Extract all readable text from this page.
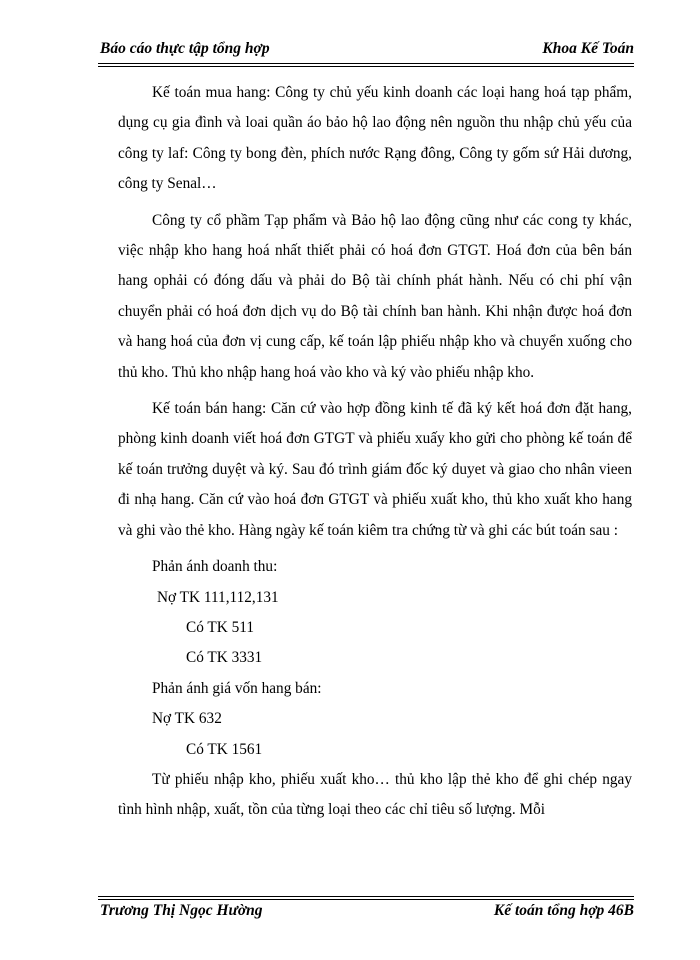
Báo cáo thực tập tổng hợp	Khoa Kế Toán

Kế toán mua hang: Công ty chủ yếu kinh doanh các loại hang hoá tạp phẩm, dụng cụ gia đình và loai quần áo bảo hộ lao động nên nguồn thu nhập chủ yếu của công ty laf: Công ty bong đèn, phích nước Rạng đông, Công ty gốm sứ Hải dương, công ty Senal…

Công ty cổ phầm Tạp phẩm và Bảo hộ lao động cũng như các cong ty khác, việc nhập kho hang hoá nhất thiết phải có hoá đơn GTGT. Hoá đơn của bên bán hang ophải có đóng dấu và phải do Bộ tài chính phát hành. Nếu có chi phí vận chuyển phải có hoá đơn dịch vụ do Bộ tài chính ban hành. Khi nhận được hoá đơn và hang hoá của đơn vị cung cấp, kế toán lập phiếu nhập kho và chuyển xuống cho thủ kho. Thủ kho nhập hang hoá vào kho và ký vào phiếu nhập kho.

Kế toán bán hang: Căn cứ vào hợp đồng kinh tế đã ký kết hoá đơn đặt hang, phòng kinh doanh viết hoá đơn GTGT và phiếu xuấy kho gửi cho phòng kế toán để kế toán trưởng duyệt và ký. Sau đó trình giám đốc ký duyet và giao cho nhân vieen đi nhạ hang. Căn cứ vào hoá đơn GTGT và phiếu xuất kho, thủ kho xuất kho hang và ghi vào thẻ kho. Hàng ngày kế toán kiêm tra chứng từ và ghi các bút toán sau :

Phản ánh doanh thu:

Nợ TK 111,112,131

Có TK 511

Có TK 3331

Phản ánh giá vốn hang bán:

Nợ TK 632

Có TK 1561

Từ phiếu nhập kho, phiếu xuất kho… thủ kho lập thẻ kho để ghi chép ngay tình hình nhập, xuất, tồn của từng loại theo các chỉ tiêu số lượng. Mỗi

Trương Thị Ngọc Hường	Kế toán tổng hợp 46B
